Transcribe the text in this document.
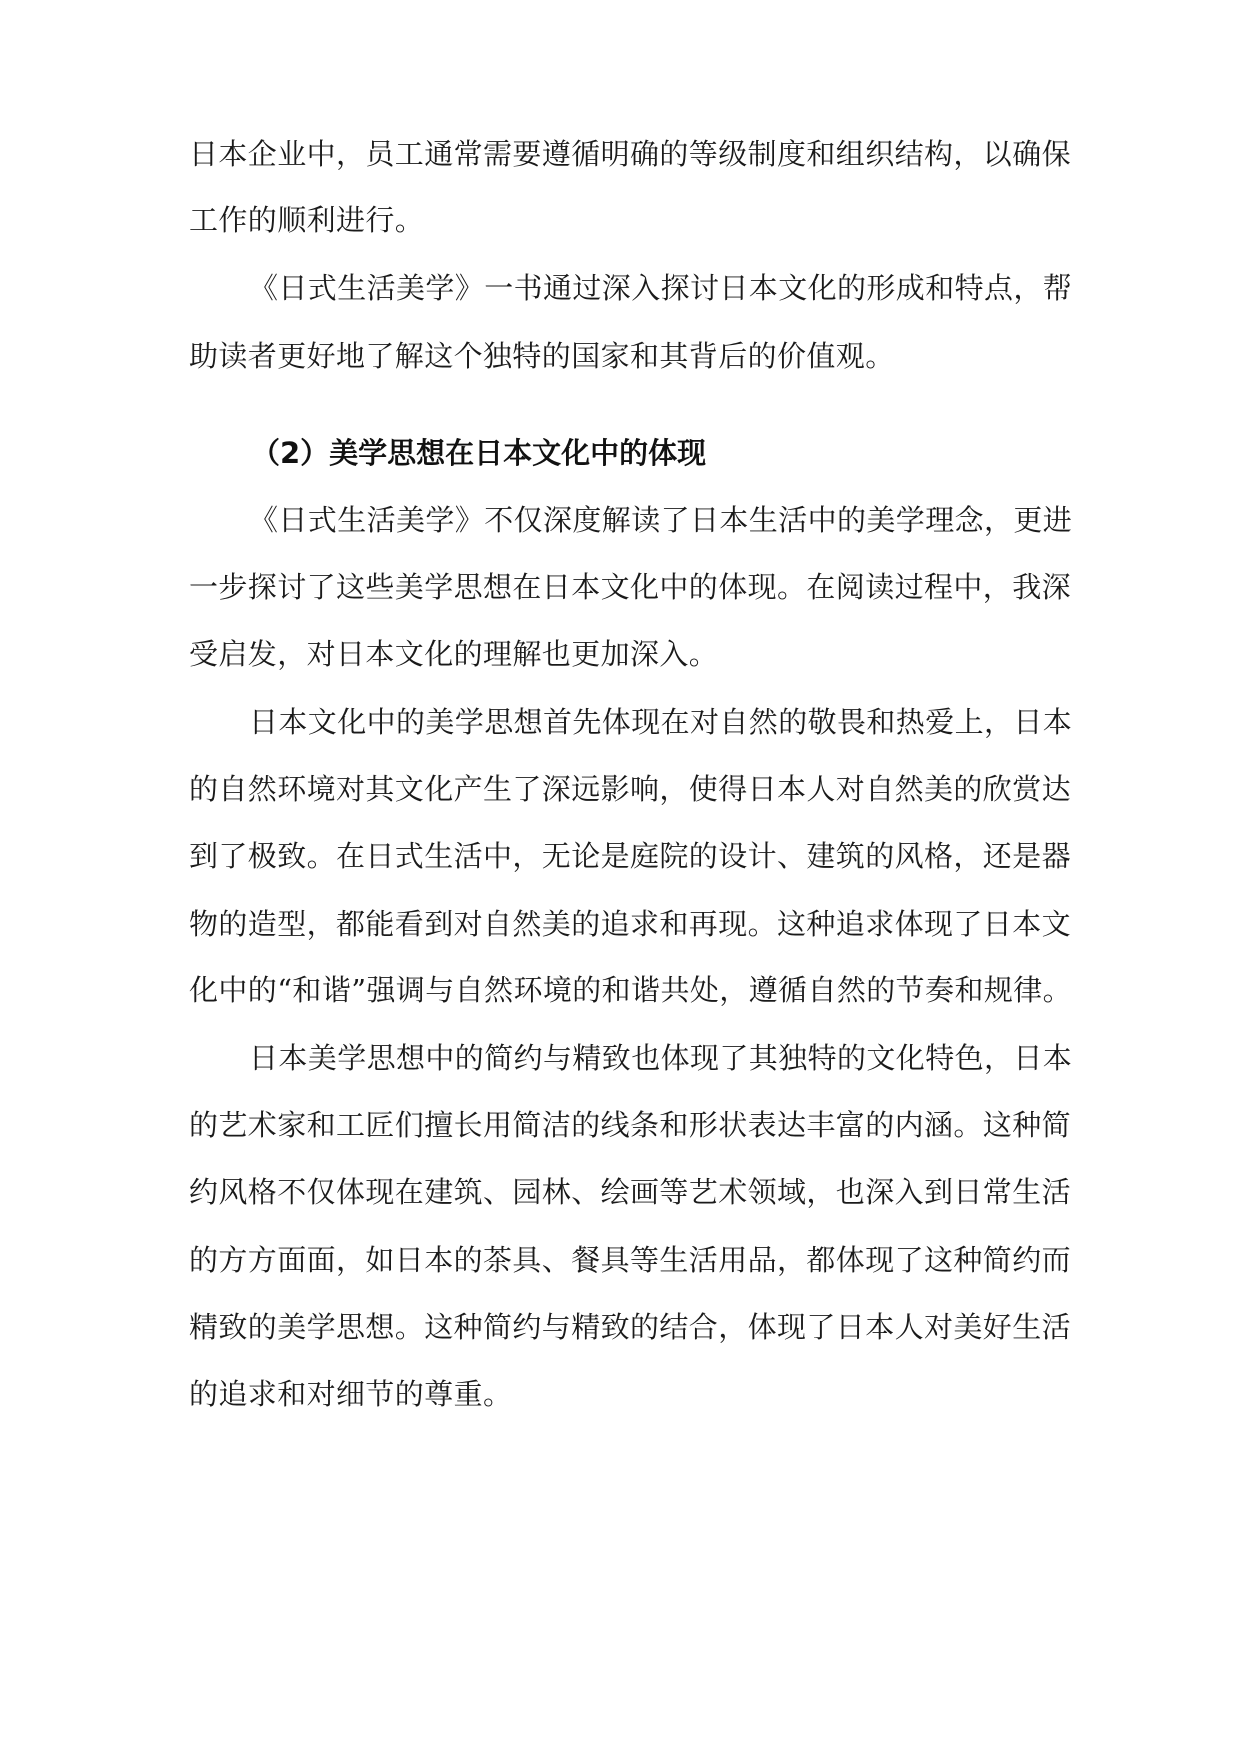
日本企业中，员工通常需要遵循明确的等级制度和组织结构，以确保
工作的顺利进行。
《日式生活美学》一书通过深入探讨日本文化的形成和特点，帮
助读者更好地了解这个独特的国家和其背后的价值观。
（2）美学思想在日本文化中的体现
《日式生活美学》不仅深度解读了日本生活中的美学理念，更进
一步探讨了这些美学思想在日本文化中的体现。在阅读过程中，我深
受启发，对日本文化的理解也更加深入。
日本文化中的美学思想首先体现在对自然的敬畏和热爱上，日本
的自然环境对其文化产生了深远影响，使得日本人对自然美的欣赏达
到了极致。在日式生活中，无论是庭院的设计、建筑的风格，还是器
物的造型，都能看到对自然美的追求和再现。这种追求体现了日本文
化中的“和谐”强调与自然环境的和谐共处，遵循自然的节奏和规律。
日本美学思想中的简约与精致也体现了其独特的文化特色，日本
的艺术家和工匠们擅长用简洁的线条和形状表达丰富的内涵。这种简
约风格不仅体现在建筑、园林、绘画等艺术领域，也深入到日常生活
的方方面面，如日本的茶具、餐具等生活用品，都体现了这种简约而
精致的美学思想。这种简约与精致的结合，体现了日本人对美好生活
的追求和对细节的尊重。
